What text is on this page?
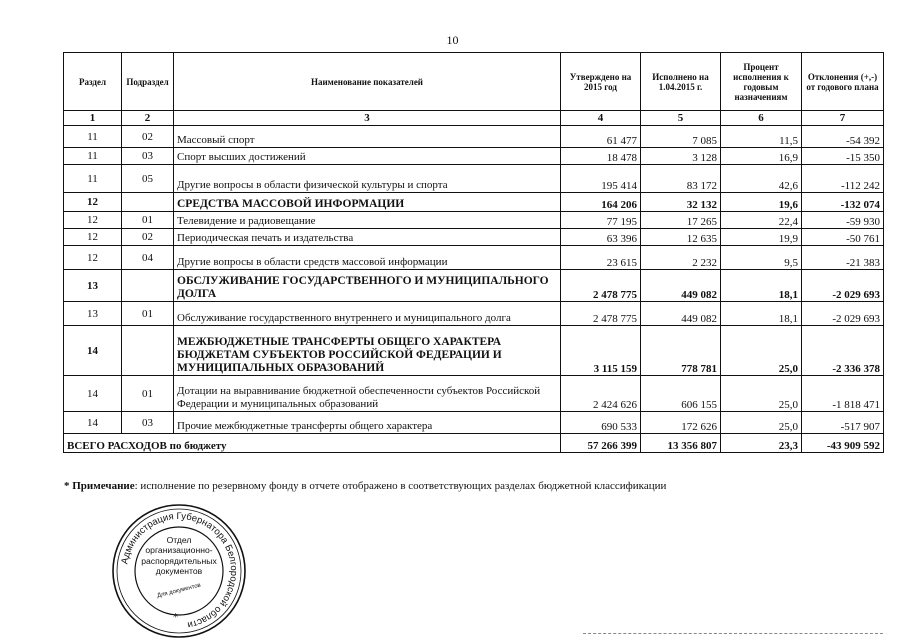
10
Раздел	Подраздел	Наименование показателей	Утверждено на 2015 год	Исполнено на 1.04.2015 г.	Процент исполнения к годовым назначениям	Отклонения (+,-) от годового плана
1	2	3	4	5	6	7
11	02	Массовый спорт	61 477	7 085	11,5	-54 392
11	03	Спорт высших достижений	18 478	3 128	16,9	-15 350
11	05	Другие вопросы в области физической культуры и спорта	195 414	83 172	42,6	-112 242
12		СРЕДСТВА МАССОВОЙ ИНФОРМАЦИИ	164 206	32 132	19,6	-132 074
12	01	Телевидение и радиовещание	77 195	17 265	22,4	-59 930
12	02	Периодическая печать и издательства	63 396	12 635	19,9	-50 761
12	04	Другие вопросы в области средств массовой информации	23 615	2 232	9,5	-21 383
13		ОБСЛУЖИВАНИЕ ГОСУДАРСТВЕННОГО И МУНИЦИПАЛЬНОГО ДОЛГА	2 478 775	449 082	18,1	-2 029 693
13	01	Обслуживание государственного внутреннего и муниципального долга	2 478 775	449 082	18,1	-2 029 693
14		МЕЖБЮДЖЕТНЫЕ ТРАНСФЕРТЫ ОБЩЕГО ХАРАКТЕРА БЮДЖЕТАМ СУБЪЕКТОВ РОССИЙСКОЙ ФЕДЕРАЦИИ И МУНИЦИПАЛЬНЫХ ОБРАЗОВАНИЙ	3 115 159	778 781	25,0	-2 336 378
14	01	Дотации на выравнивание бюджетной обеспеченности субъектов Российской Федерации и муниципальных образований	2 424 626	606 155	25,0	-1 818 471
14	03	Прочие межбюджетные трансферты общего характера	690 533	172 626	25,0	-517 907
ВСЕГО РАСХОДОВ по бюджету			57 266 399	13 356 807	23,3	-43 909 592
* Примечание: исполнение по резервному фонду в отчете отображено в соответствующих разделах бюджетной классификации
Администрация Губернатора Белгородской области
Отдел
организационно-
распорядительных
документов
Для документов
*
